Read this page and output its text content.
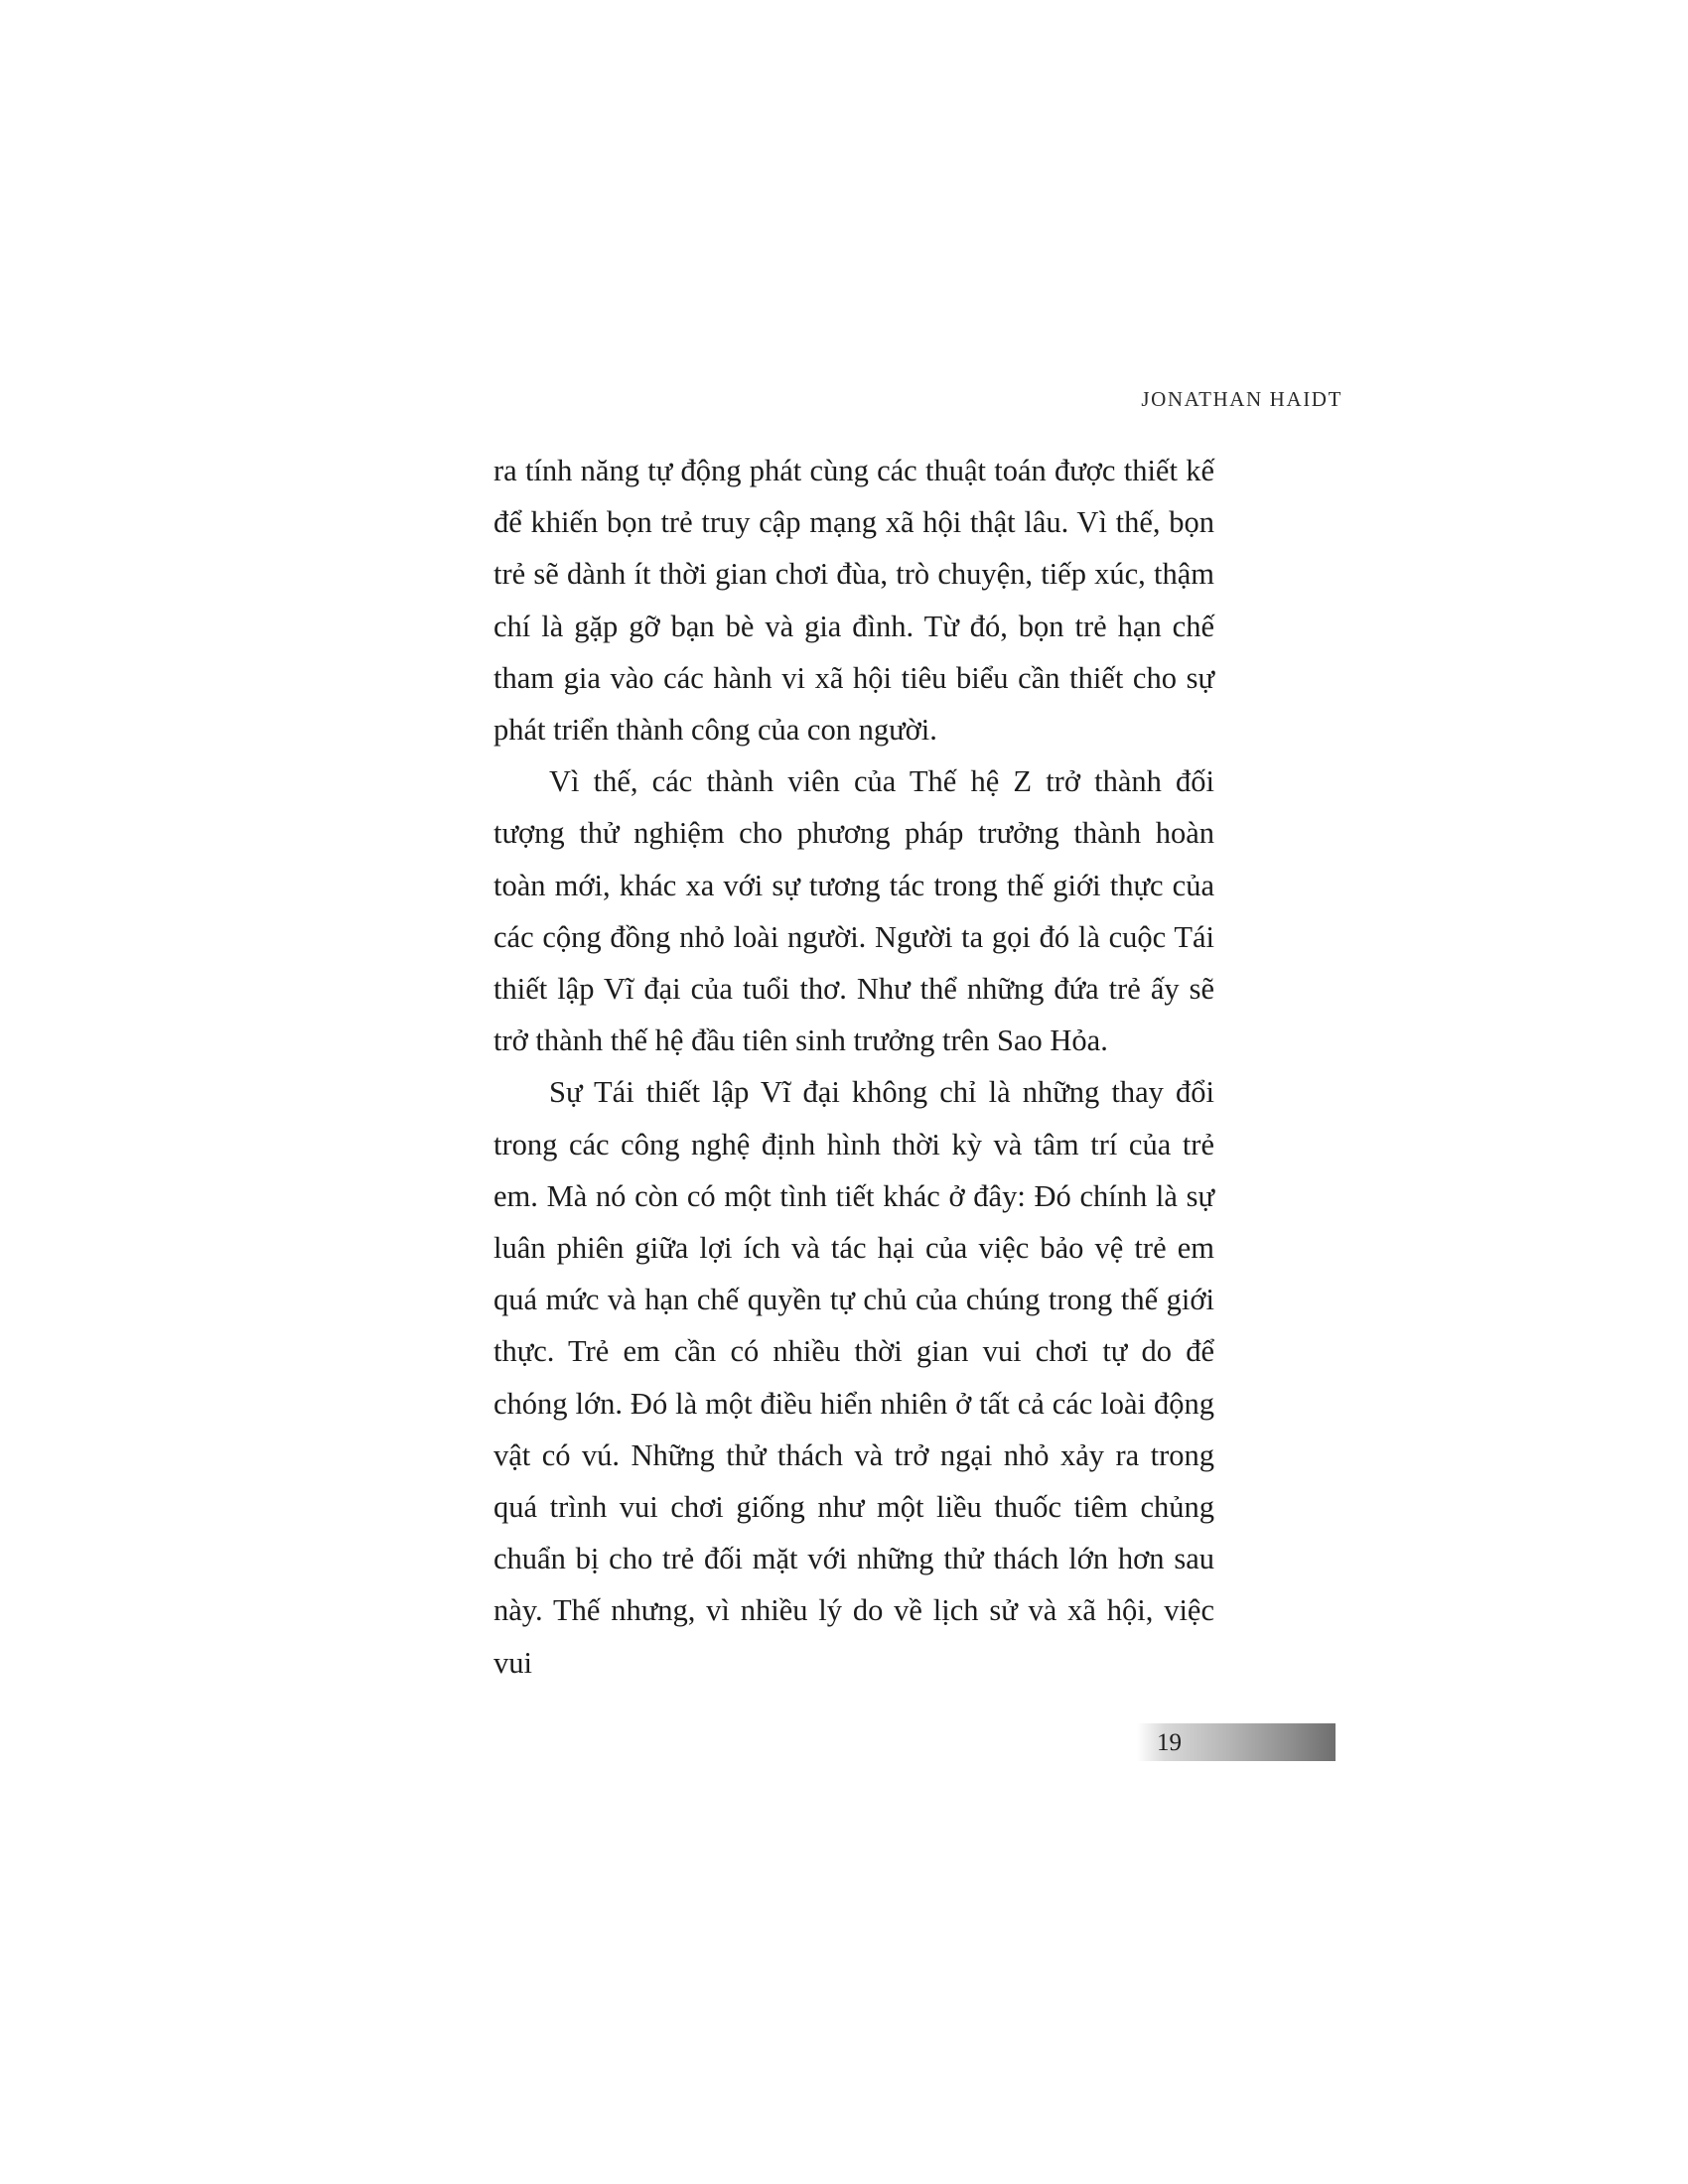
JONATHAN HAIDT

ra tính năng tự động phát cùng các thuật toán được thiết kế để khiến bọn trẻ truy cập mạng xã hội thật lâu. Vì thế, bọn trẻ sẽ dành ít thời gian chơi đùa, trò chuyện, tiếp xúc, thậm chí là gặp gỡ bạn bè và gia đình. Từ đó, bọn trẻ hạn chế tham gia vào các hành vi xã hội tiêu biểu cần thiết cho sự phát triển thành công của con người.

Vì thế, các thành viên của Thế hệ Z trở thành đối tượng thử nghiệm cho phương pháp trưởng thành hoàn toàn mới, khác xa với sự tương tác trong thế giới thực của các cộng đồng nhỏ loài người. Người ta gọi đó là cuộc Tái thiết lập Vĩ đại của tuổi thơ. Như thể những đứa trẻ ấy sẽ trở thành thế hệ đầu tiên sinh trưởng trên Sao Hỏa.

Sự Tái thiết lập Vĩ đại không chỉ là những thay đổi trong các công nghệ định hình thời kỳ và tâm trí của trẻ em. Mà nó còn có một tình tiết khác ở đây: Đó chính là sự luân phiên giữa lợi ích và tác hại của việc bảo vệ trẻ em quá mức và hạn chế quyền tự chủ của chúng trong thế giới thực. Trẻ em cần có nhiều thời gian vui chơi tự do để chóng lớn. Đó là một điều hiển nhiên ở tất cả các loài động vật có vú. Những thử thách và trở ngại nhỏ xảy ra trong quá trình vui chơi giống như một liều thuốc tiêm chủng chuẩn bị cho trẻ đối mặt với những thử thách lớn hơn sau này. Thế nhưng, vì nhiều lý do về lịch sử và xã hội, việc vui

19
